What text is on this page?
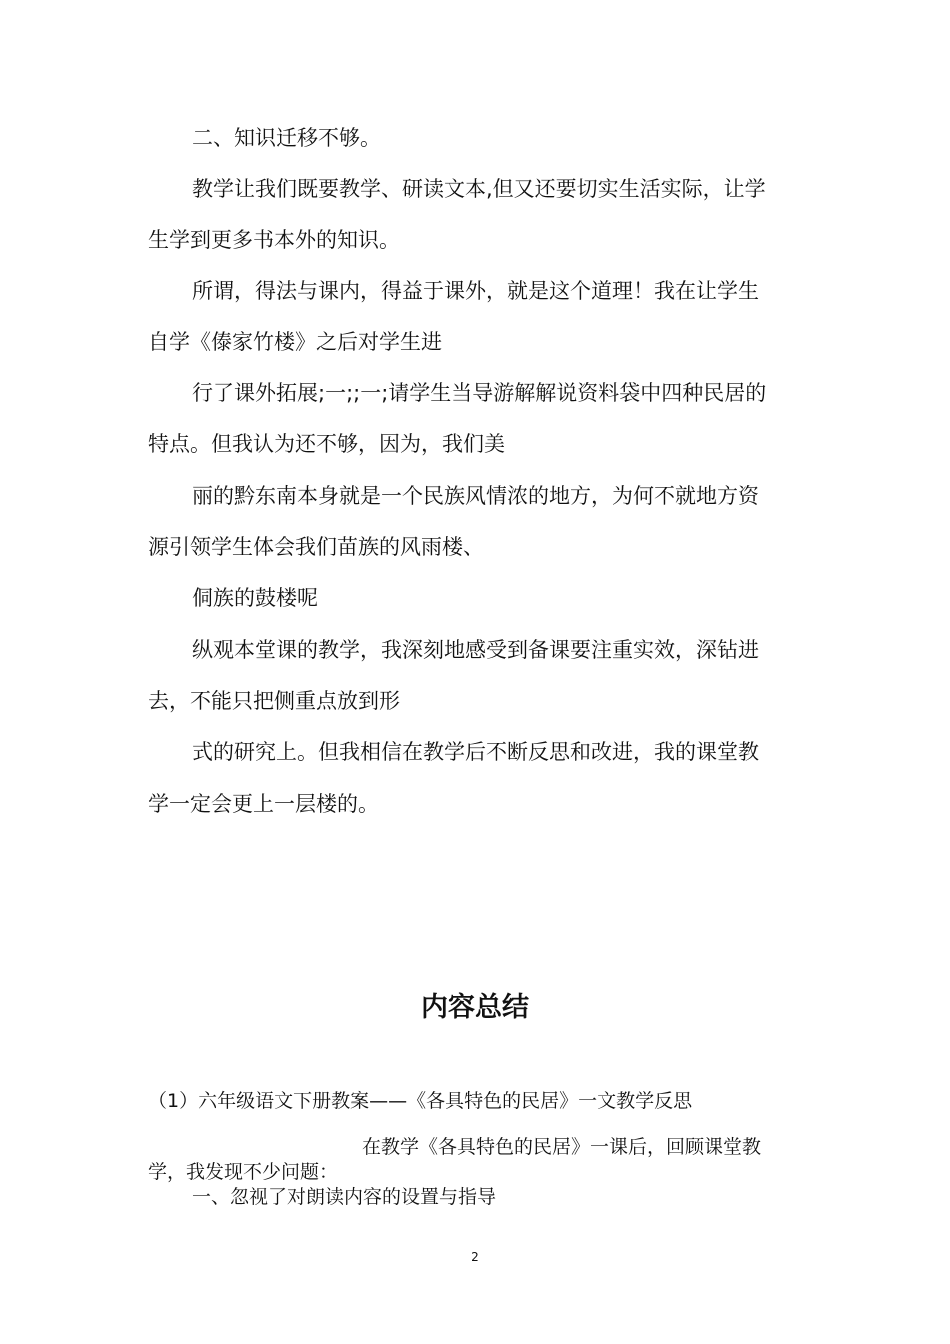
二、知识迁移不够。

教学让我们既要教学、研读文本,但又还要切实生活实际，让学

生学到更多书本外的知识。

所谓，得法与课内，得益于课外，就是这个道理！我在让学生

自学《傣家竹楼》之后对学生进

行了课外拓展;一;;一;请学生当导游解解说资料袋中四种民居的

特点。但我认为还不够，因为，我们美

丽的黔东南本身就是一个民族风情浓的地方，为何不就地方资

源引领学生体会我们苗族的风雨楼、

侗族的鼓楼呢

纵观本堂课的教学，我深刻地感受到备课要注重实效，深钻进

去，不能只把侧重点放到形

式的研究上。但我相信在教学后不断反思和改进，我的课堂教

学一定会更上一层楼的。

内容总结

（1）六年级语文下册教案——《各具特色的民居》一文教学反思

在教学《各具特色的民居》一课后，回顾课堂教

学，我发现不少问题：

一、忽视了对朗读内容的设置与指导

2
